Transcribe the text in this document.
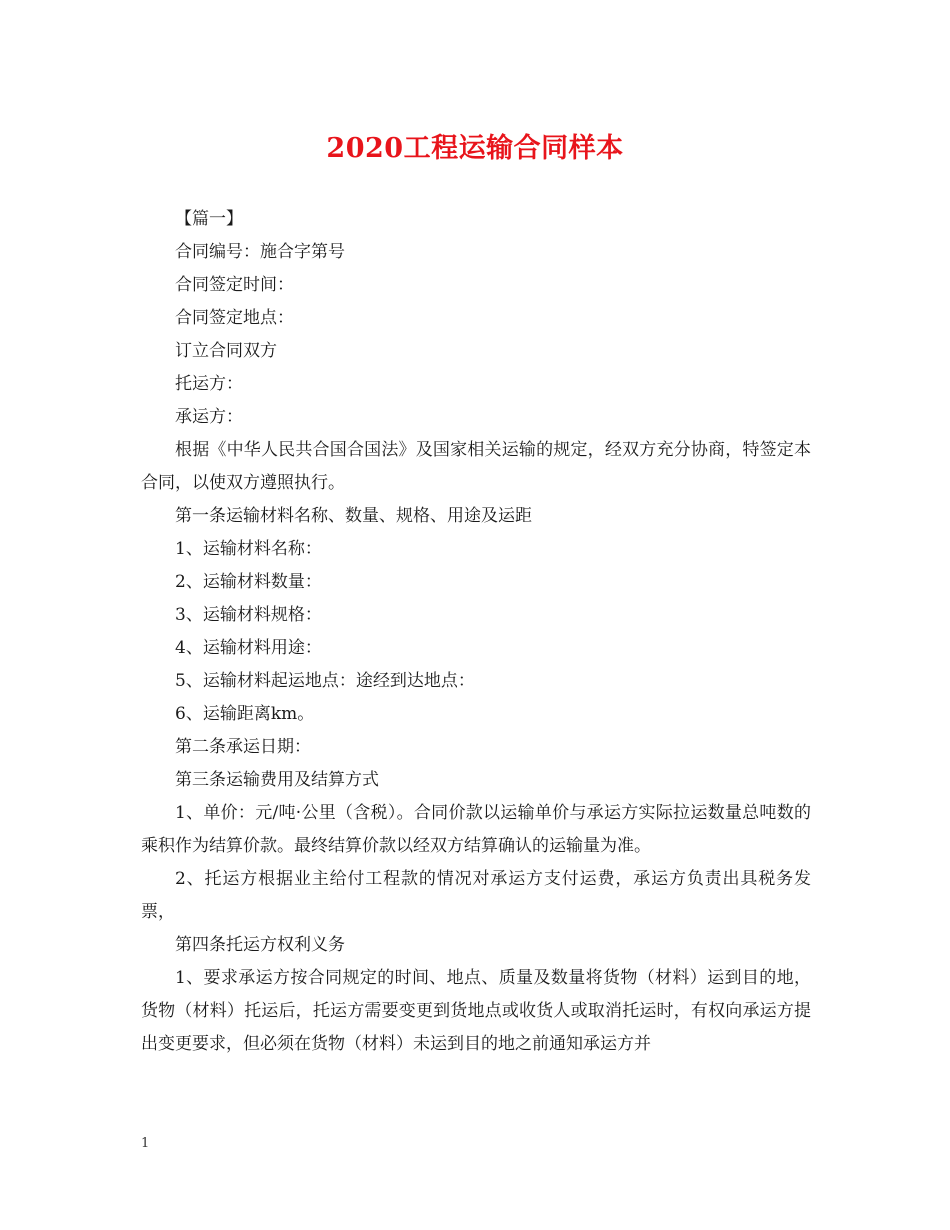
2020工程运输合同样本

【篇一】

合同编号：施合字第号

合同签定时间：

合同签定地点：

订立合同双方

托运方：

承运方：

根据《中华人民共合国合国法》及国家相关运输的规定，经双方充分协商，特签定本合同，以使双方遵照执行。

第一条运输材料名称、数量、规格、用途及运距

1、运输材料名称：

2、运输材料数量：

3、运输材料规格：

4、运输材料用途：

5、运输材料起运地点：途经到达地点：

6、运输距离km。

第二条承运日期：

第三条运输费用及结算方式

1、单价：元/吨·公里（含税）。合同价款以运输单价与承运方实际拉运数量总吨数的乘积作为结算价款。最终结算价款以经双方结算确认的运输量为准。

2、托运方根据业主给付工程款的情况对承运方支付运费，承运方负责出具税务发票，

第四条托运方权利义务

1、要求承运方按合同规定的时间、地点、质量及数量将货物（材料）运到目的地，货物（材料）托运后，托运方需要变更到货地点或收货人或取消托运时，有权向承运方提出变更要求，但必须在货物（材料）未运到目的地之前通知承运方并

1
